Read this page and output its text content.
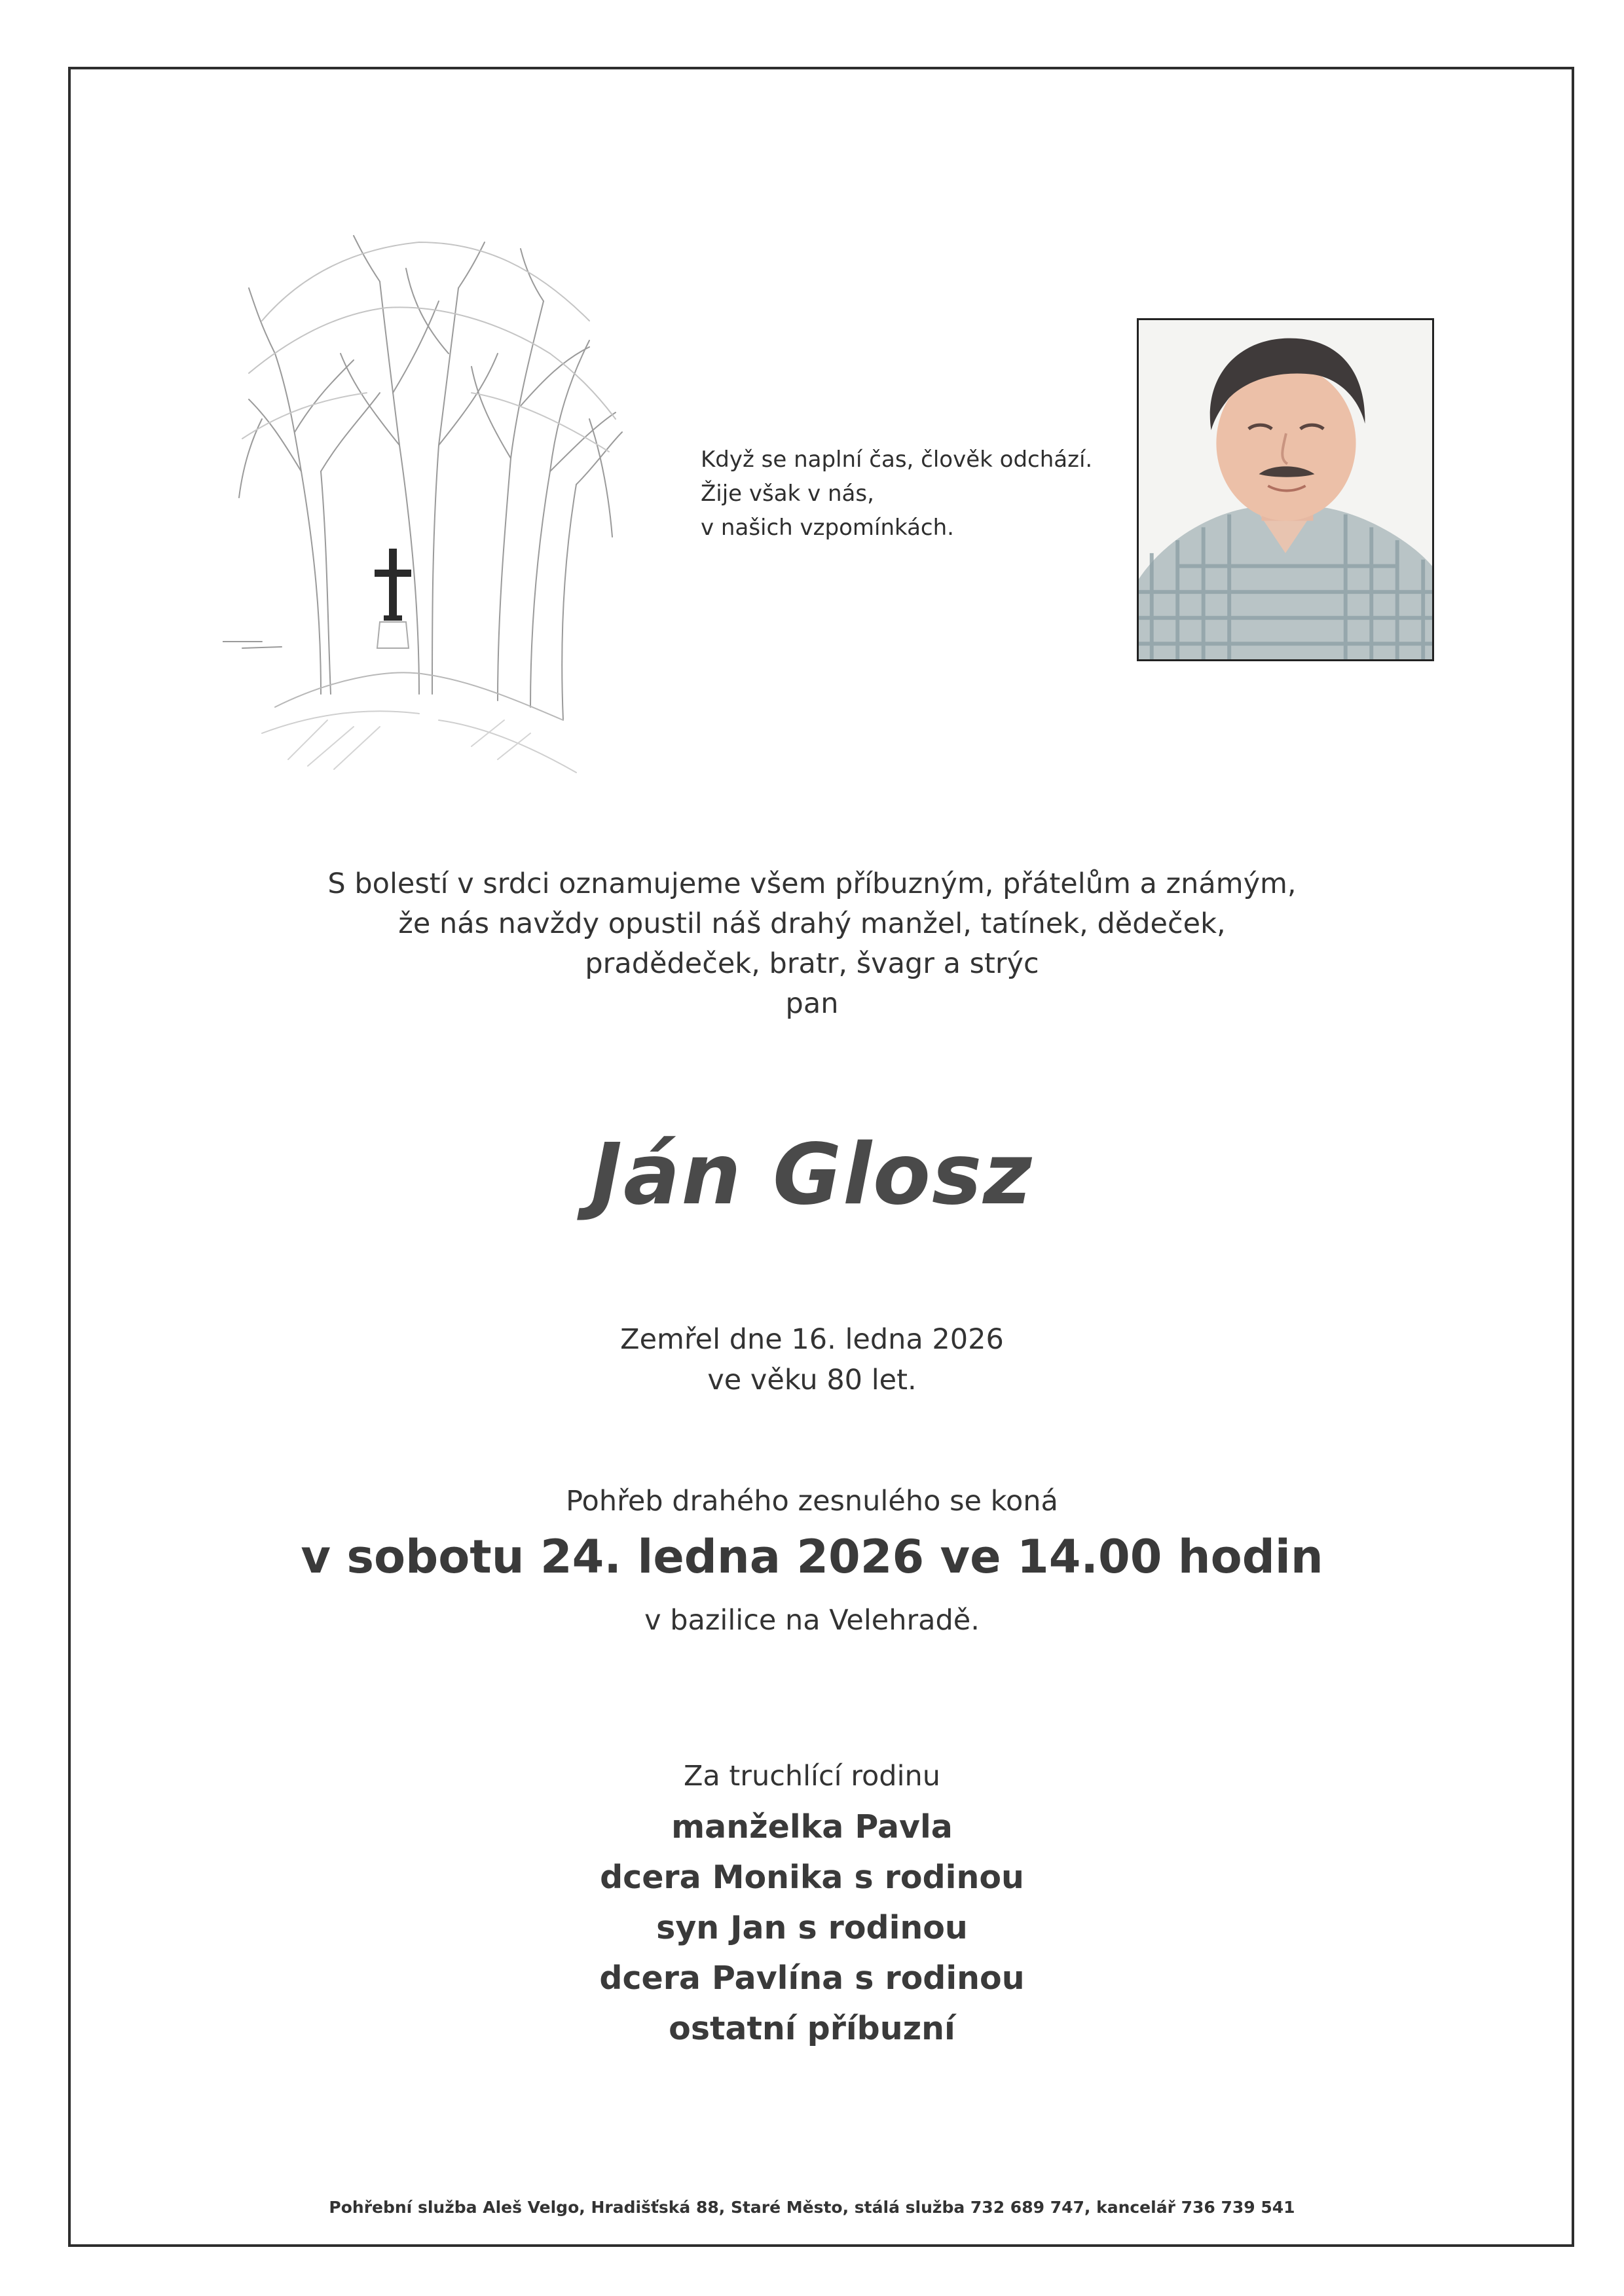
Když se naplní čas, člověk odchází.
Žije však v nás,
v našich vzpomínkách.
S bolestí v srdci oznamujeme všem příbuzným, přátelům a známým,
že nás navždy opustil náš drahý manžel, tatínek, dědeček,
pradědeček, bratr, švagr a strýc
pan
Ján Glosz
Zemřel dne 16. ledna 2026
ve věku 80 let.
Pohřeb drahého zesnulého se koná
v sobotu 24. ledna 2026 ve 14.00 hodin
v bazilice na Velehradě.
Za truchlící rodinu
manželka Pavla
dcera Monika s rodinou
syn Jan s rodinou
dcera Pavlína s rodinou
ostatní příbuzní
Pohřební služba Aleš Velgo, Hradišťská 88, Staré Město, stálá služba 732 689 747, kancelář 736 739 541
